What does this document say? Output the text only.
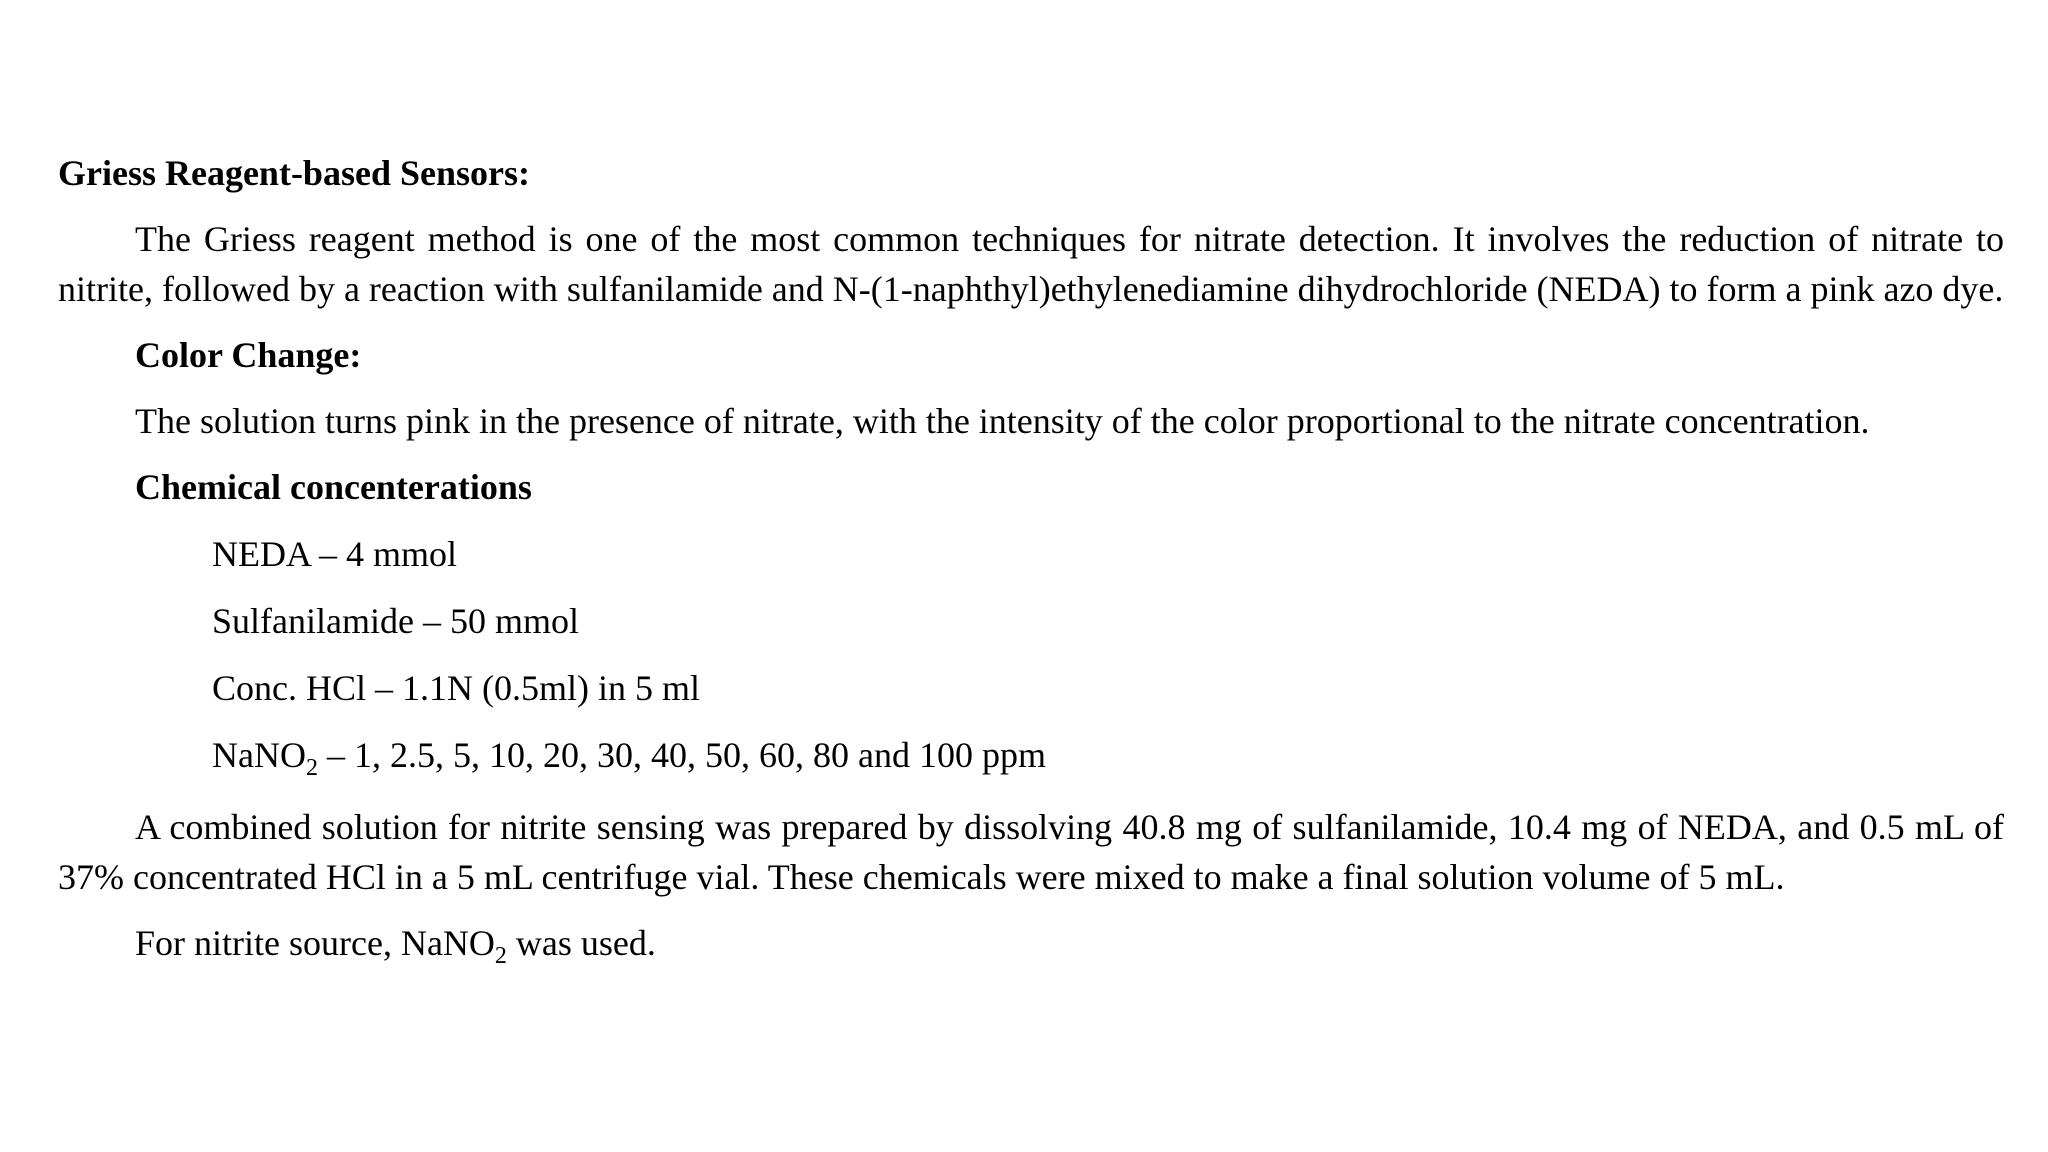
Griess Reagent-based Sensors:

The Griess reagent method is one of the most common techniques for nitrate detection. It involves the reduction of nitrate to nitrite, followed by a reaction with sulfanilamide and N-(1-naphthyl)ethylenediamine dihydrochloride (NEDA) to form a pink azo dye.

Color Change:

The solution turns pink in the presence of nitrate, with the intensity of the color proportional to the nitrate concentration.

Chemical concenterations

NEDA – 4 mmol

Sulfanilamide – 50 mmol

Conc. HCl – 1.1N (0.5ml) in 5 ml

NaNO$_2$ – 1, 2.5, 5, 10, 20, 30, 40, 50, 60, 80 and 100 ppm

A combined solution for nitrite sensing was prepared by dissolving 40.8 mg of sulfanilamide, 10.4 mg of NEDA, and 0.5 mL of 37% concentrated HCl in a 5 mL centrifuge vial. These chemicals were mixed to make a final solution volume of 5 mL.

For nitrite source, NaNO$_2$ was used.
